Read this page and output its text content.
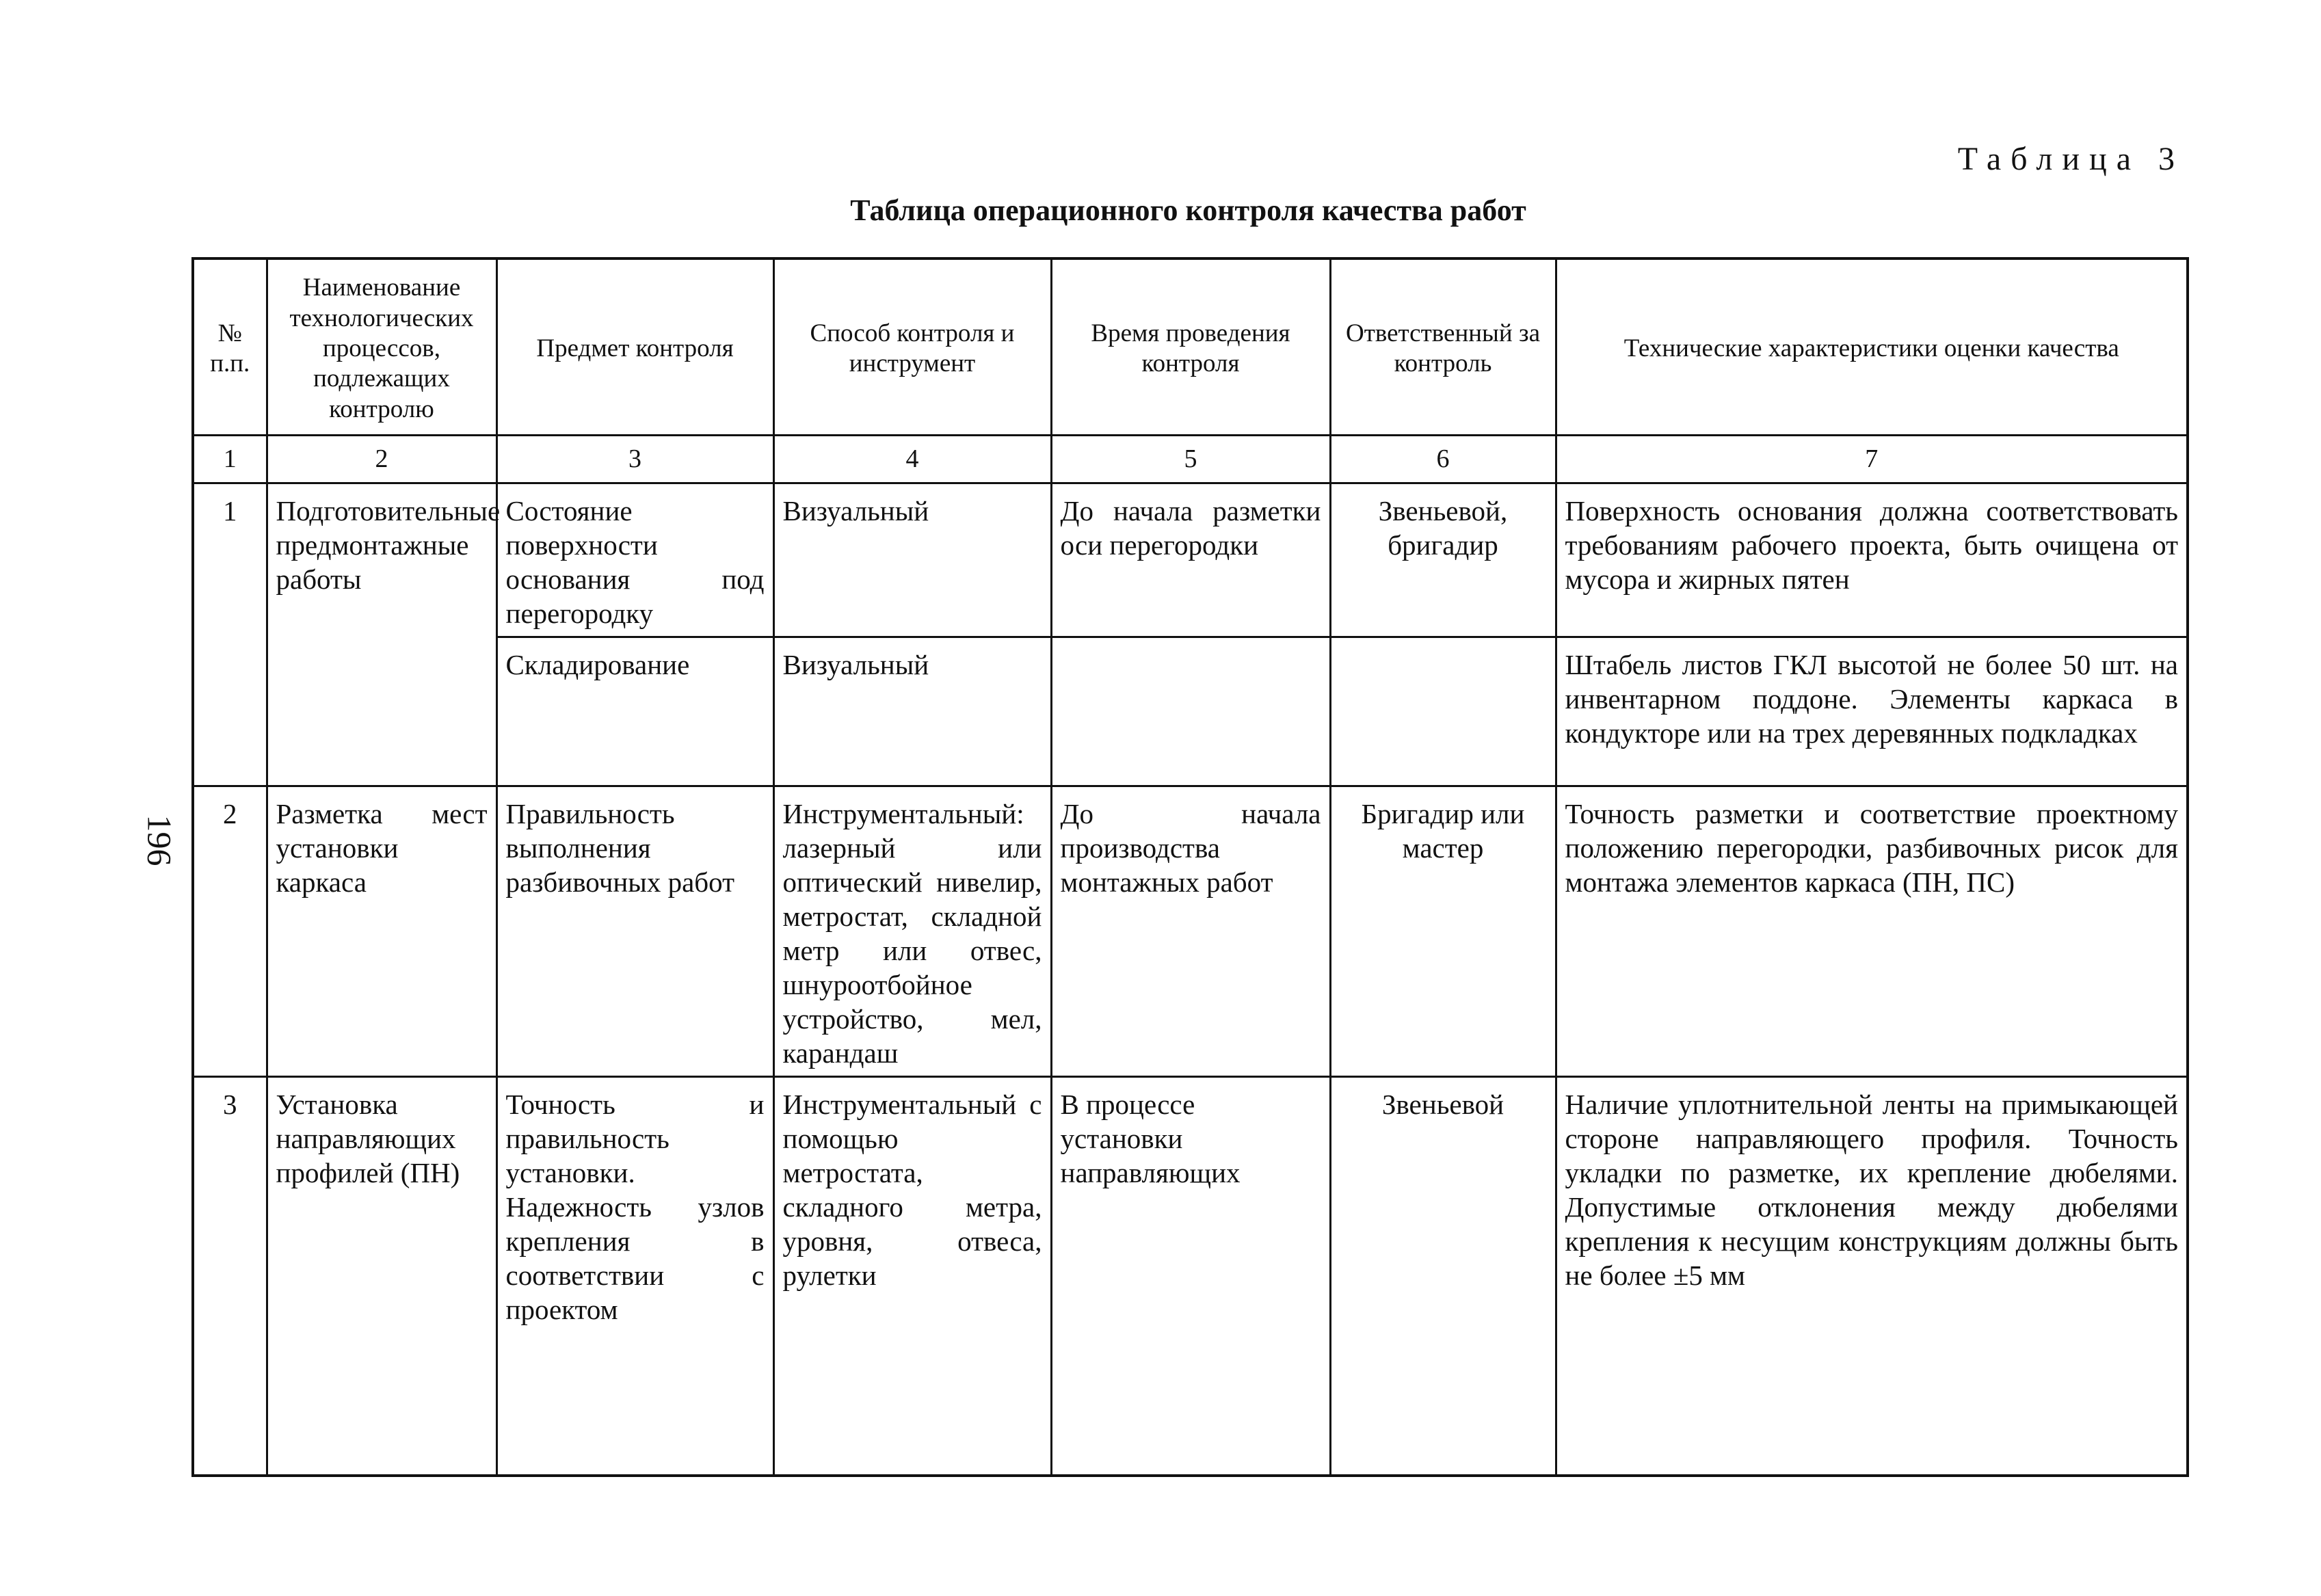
Таблица 3
Таблица операционного контроля качества работ
196
№ п.п.	Наименование технологических процессов, подлежащих контролю	Предмет контроля	Способ контроля и инструмент	Время проведения контроля	Ответственный за контроль	Технические характеристики оценки качества
1	2	3	4	5	6	7
1	Подготовительные предмонтажные работы	Состояние поверхности основания под перегородку	Визуальный	До начала разметки оси перегородки	Звеньевой, бригадир	Поверхность основания должна соответствовать требованиям рабочего проекта, быть очищена от мусора и жирных пятен
		Складирование	Визуальный			Штабель листов ГКЛ высотой не более 50 шт. на инвентарном поддоне. Элементы каркаса в кондукторе или на трех деревянных подкладках
2	Разметка мест установки каркаса	Правильность выполнения разбивочных работ	Инструментальный: лазерный или оптический нивелир, метростат, складной метр или отвес, шнуроотбойное устройство, мел, карандаш	До начала производства монтажных работ	Бригадир или мастер	Точность разметки и соответствие проектному положению перегородки, разбивочных рисок для монтажа элементов каркаса (ПН, ПС)
3	Установка направляющих профилей (ПН)	Точность и правильность установки. Надежность узлов крепления в соответствии с проектом	Инструментальный с помощью метростата, складного метра, уровня, отвеса, рулетки	В процессе установки направляющих	Звеньевой	Наличие уплотнительной ленты на примыкающей стороне направляющего профиля. Точность укладки по разметке, их крепление дюбелями. Допустимые отклонения между дюбелями крепления к несущим конструкциям должны быть не более ±5 мм
